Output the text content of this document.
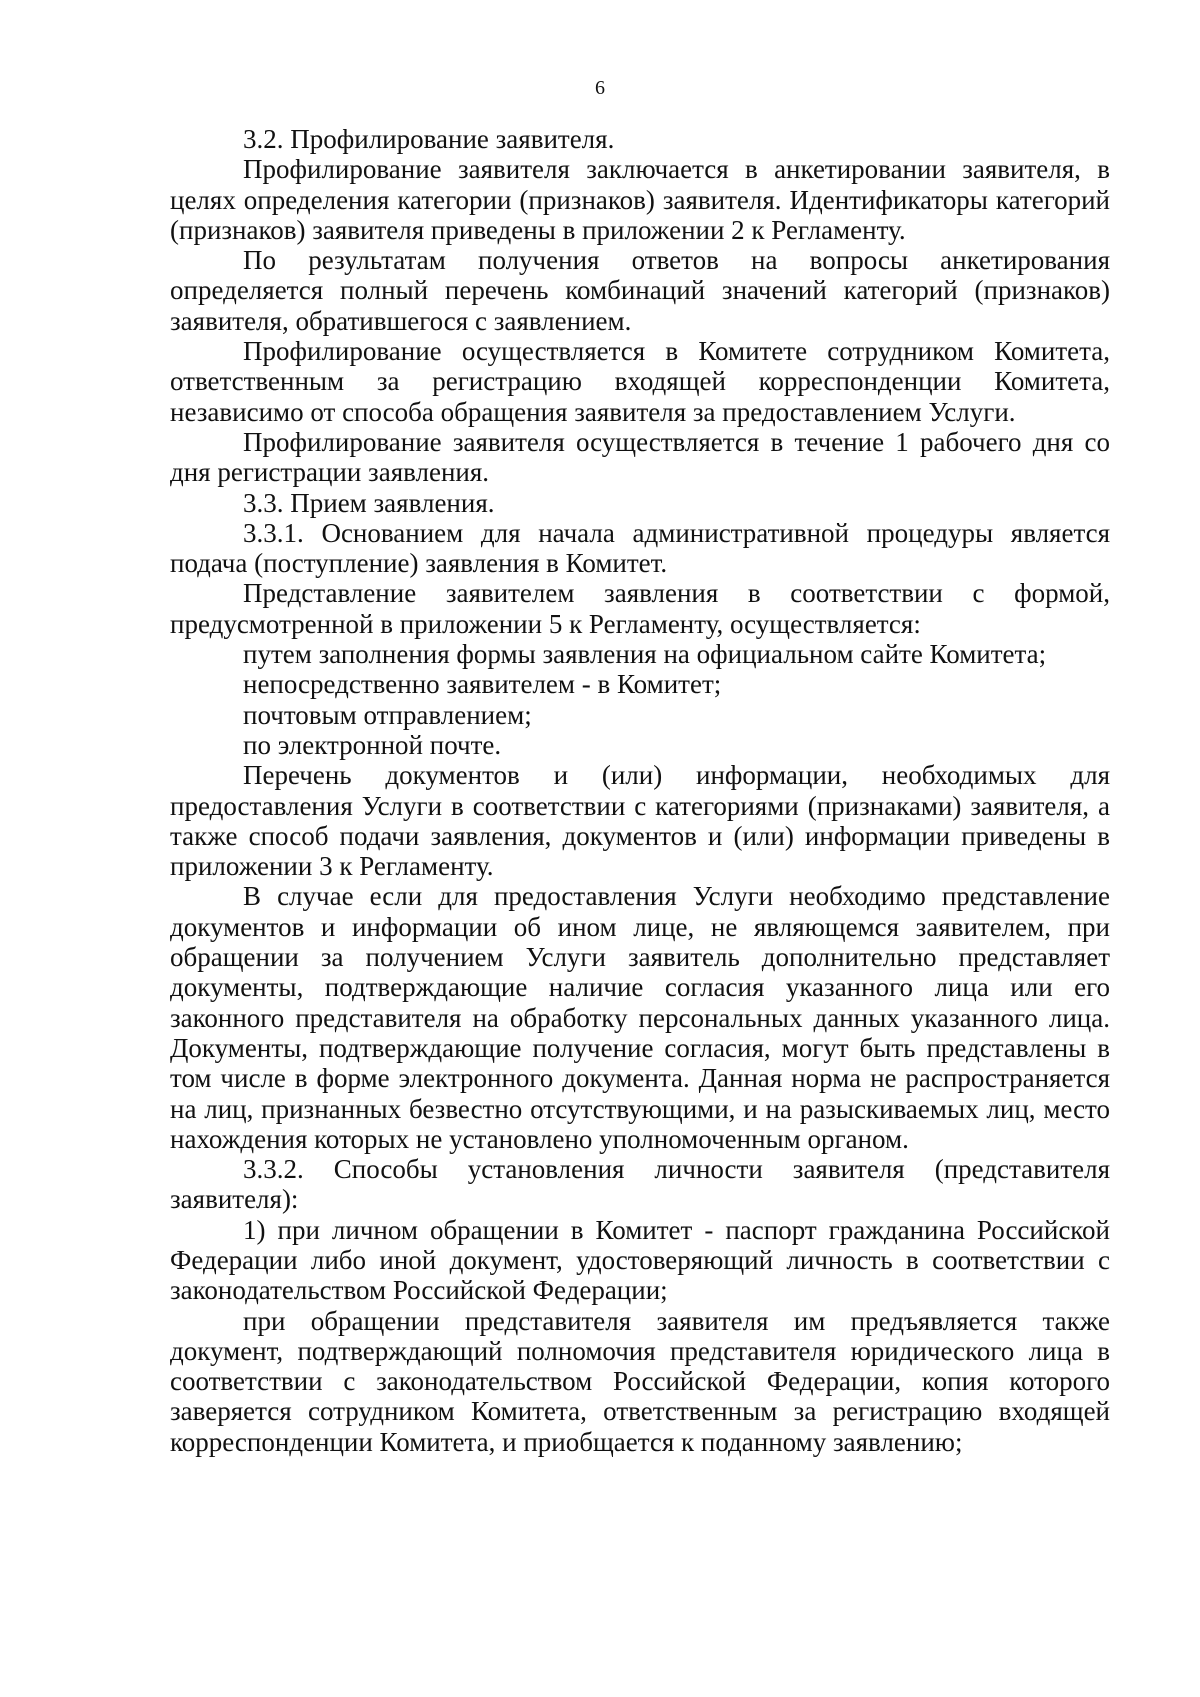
6

3.2. Профилирование заявителя.

Профилирование заявителя заключается в анкетировании заявителя, в целях определения категории (признаков) заявителя. Идентификаторы категорий (признаков) заявителя приведены в приложении 2 к Регламенту.

По результатам получения ответов на вопросы анкетирования определяется полный перечень комбинаций значений категорий (признаков) заявителя, обратившегося с заявлением.

Профилирование осуществляется в Комитете сотрудником Комитета, ответственным за регистрацию входящей корреспонденции Комитета, независимо от способа обращения заявителя за предоставлением Услуги.

Профилирование заявителя осуществляется в течение 1 рабочего дня со дня регистрации заявления.

3.3. Прием заявления.

3.3.1. Основанием для начала административной процедуры является подача (поступление) заявления в Комитет.

Представление заявителем заявления в соответствии с формой, предусмотренной в приложении 5 к Регламенту, осуществляется:

путем заполнения формы заявления на официальном сайте Комитета;

непосредственно заявителем - в Комитет;

почтовым отправлением;

по электронной почте.

Перечень документов и (или) информации, необходимых для предоставления Услуги в соответствии с категориями (признаками) заявителя, а также способ подачи заявления, документов и (или) информации приведены в приложении 3 к Регламенту.

В случае если для предоставления Услуги необходимо представление документов и информации об ином лице, не являющемся заявителем, при обращении за получением Услуги заявитель дополнительно представляет документы, подтверждающие наличие согласия указанного лица или его законного представителя на обработку персональных данных указанного лица. Документы, подтверждающие получение согласия, могут быть представлены в том числе в форме электронного документа. Данная норма не распространяется на лиц, признанных безвестно отсутствующими, и на разыскиваемых лиц, место нахождения которых не установлено уполномоченным органом.

3.3.2. Способы установления личности заявителя (представителя заявителя):

1) при личном обращении в Комитет - паспорт гражданина Российской Федерации либо иной документ, удостоверяющий личность в соответствии с законодательством Российской Федерации;

при обращении представителя заявителя им предъявляется также документ, подтверждающий полномочия представителя юридического лица в соответствии с законодательством Российской Федерации, копия которого заверяется сотрудником Комитета, ответственным за регистрацию входящей корреспонденции Комитета, и приобщается к поданному заявлению;
